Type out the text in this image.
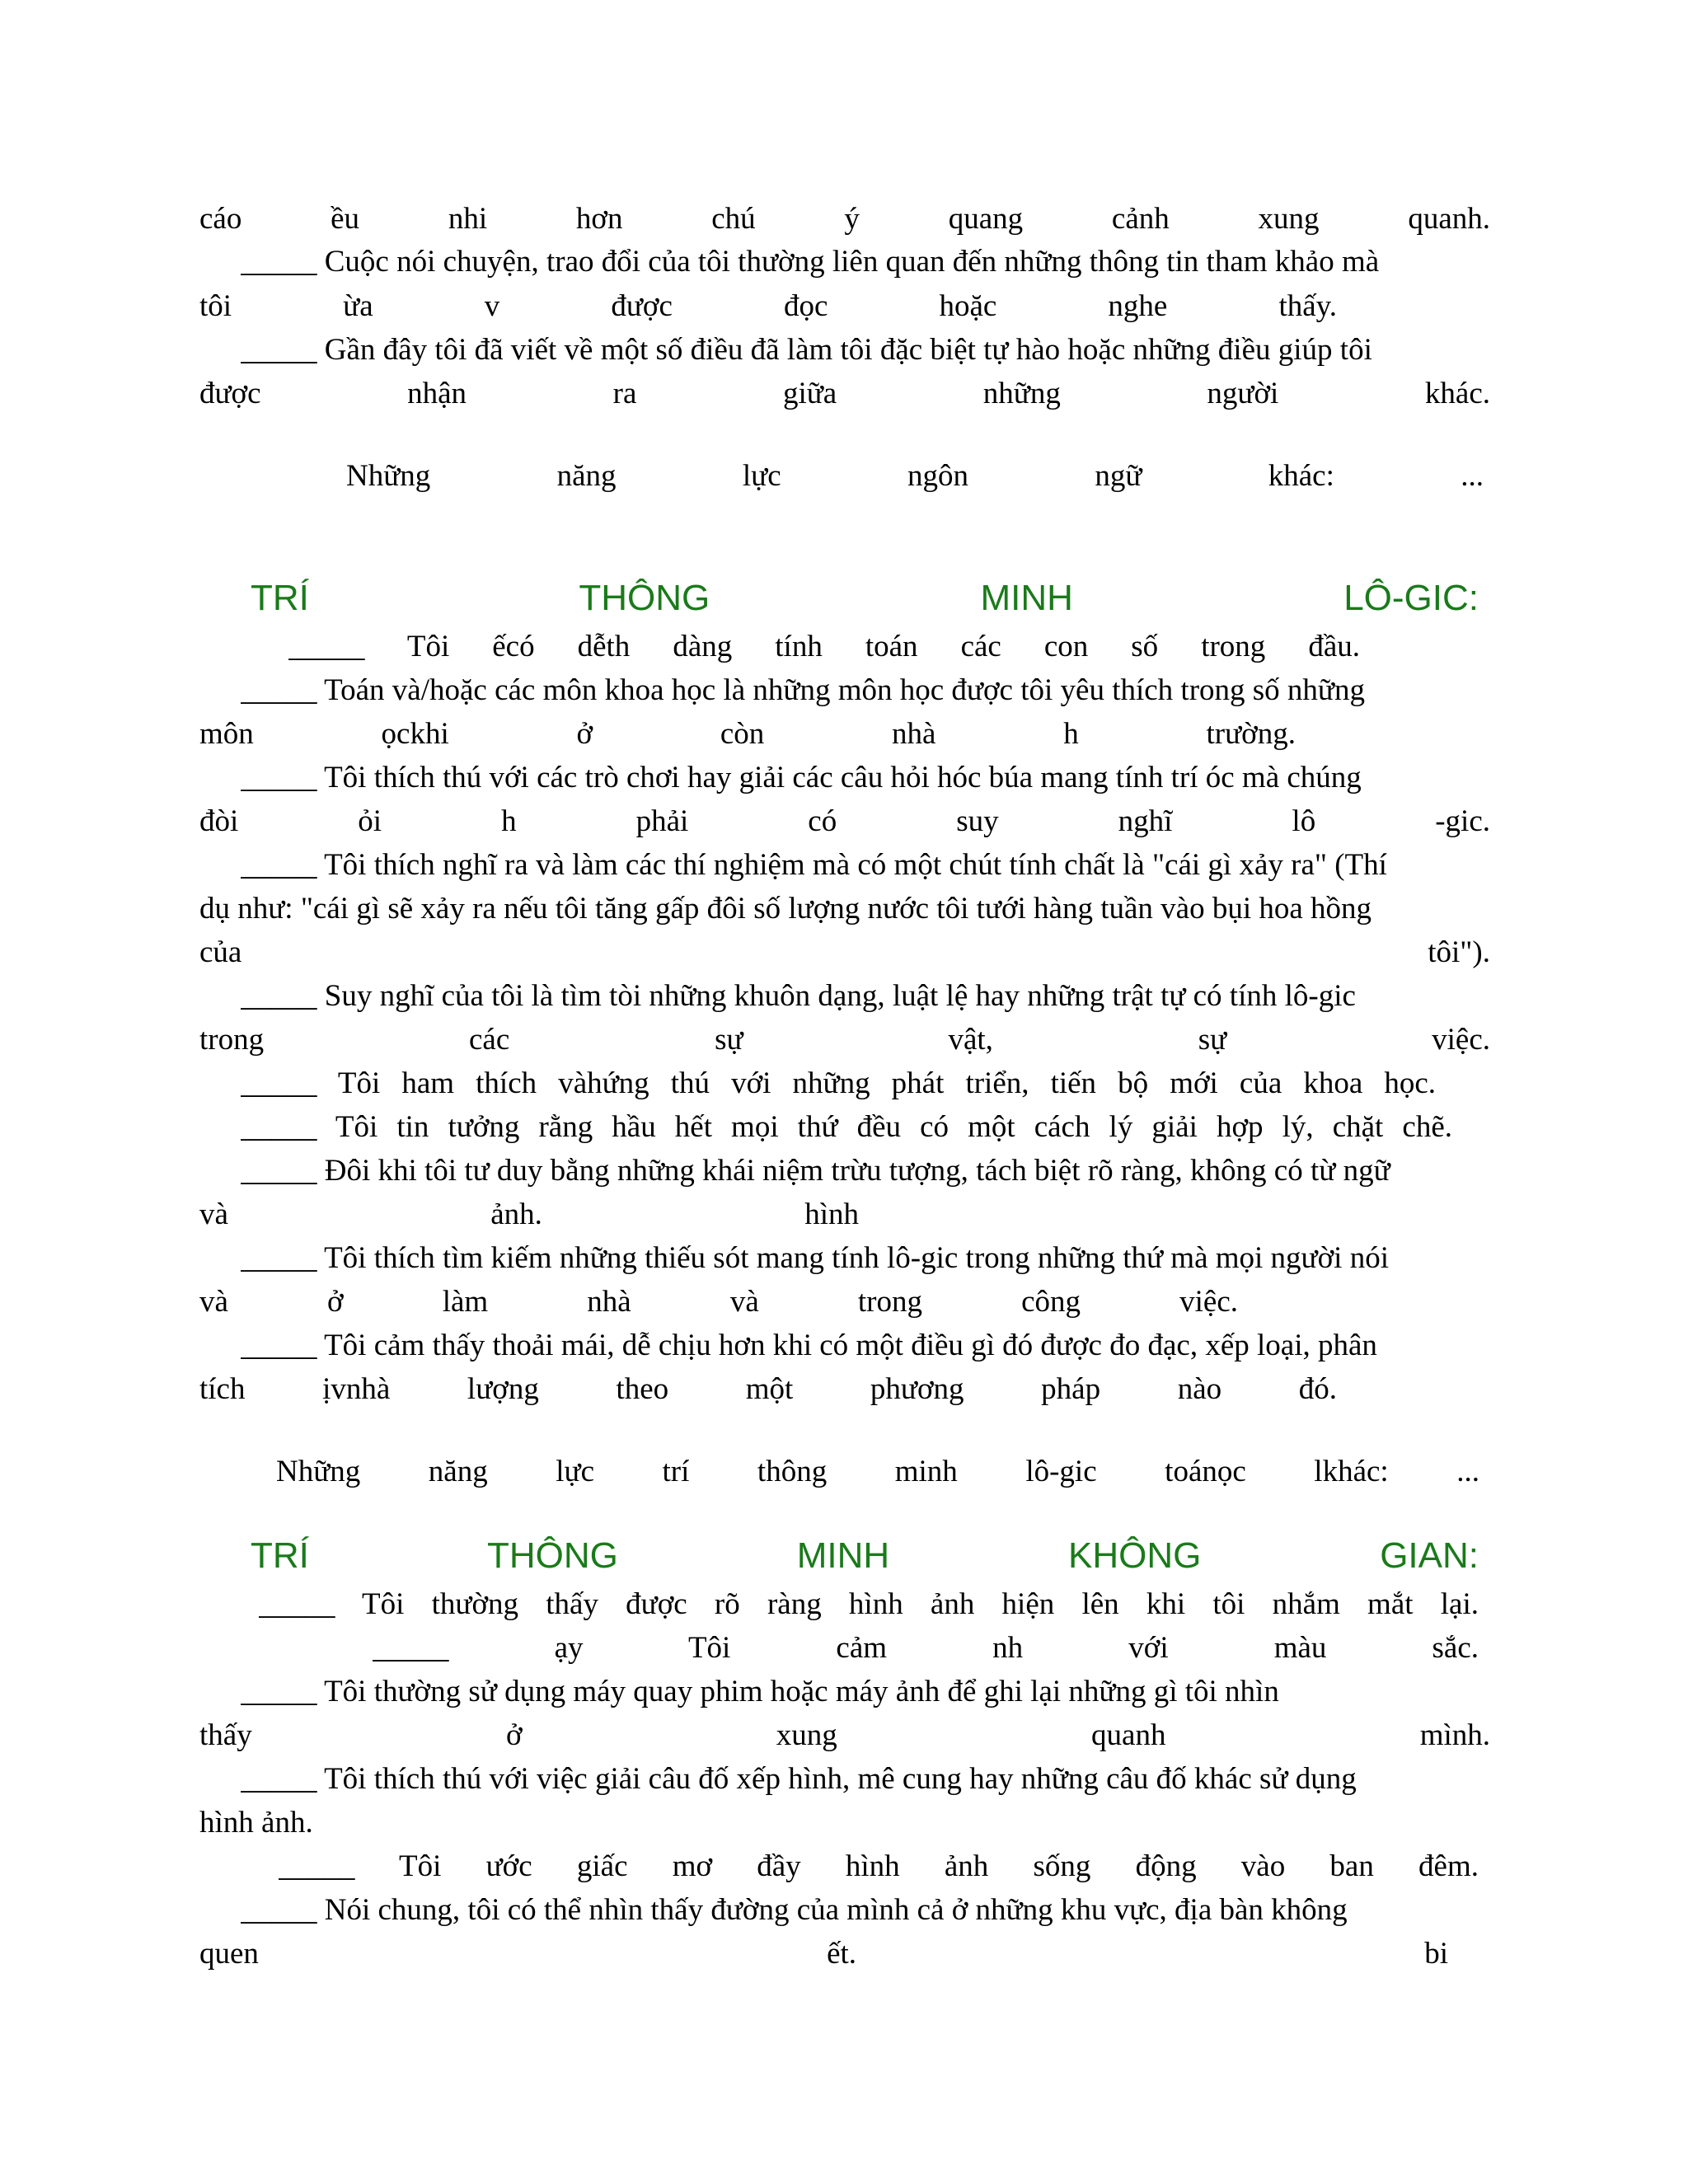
cáo ều nhi hơn chú ý quang cảnh xung quanh.
_____ Cuộc nói chuyện, trao đổi của tôi thường liên quan đến những thông tin tham khảo mà
tôi ừa v được đọc hoặc nghe thấy.
_____ Gần đây tôi đã viết về một số điều đã làm tôi đặc biệt tự hào hoặc những điều giúp tôi
được nhận ra giữa những người khác.
Những năng lực ngôn ngữ khác: ...
TRÍ THÔNG MINH LÔ-GIC:
_____ Tôi ếcó dễth dàng tính toán các con số trong đầu.
_____ Toán và/hoặc các môn khoa học là những môn học được tôi yêu thích trong số những
môn ọckhi ở còn nhà h trường.
_____ Tôi thích thú với các trò chơi hay giải các câu hỏi hóc búa mang tính trí óc mà chúng
đòi ỏi h phải có suy nghĩ lô -gic.
_____ Tôi thích nghĩ ra và làm các thí nghiệm mà có một chút tính chất là "cái gì xảy ra" (Thí
dụ như: "cái gì sẽ xảy ra nếu tôi tăng gấp đôi số lượng nước tôi tưới hàng tuần vào bụi hoa hồng
của tôi").
_____ Suy nghĩ của tôi là tìm tòi những khuôn dạng, luật lệ hay những trật tự có tính lô-gic
trong các sự vật, sự việc.
_____ Tôi ham thích vàhứng thú với những phát triển, tiến bộ mới của khoa học.
_____ Tôi tin tưởng rằng hầu hết mọi thứ đều có một cách lý giải hợp lý, chặt chẽ.
_____ Đôi khi tôi tư duy bằng những khái niệm trừu tượng, tách biệt rõ ràng, không có từ ngữ
và ảnh. hình
_____ Tôi thích tìm kiếm những thiếu sót mang tính lô-gic trong những thứ mà mọi người nói
và ở làm nhà và trong công việc.
_____ Tôi cảm thấy thoải mái, dễ chịu hơn khi có một điều gì đó được đo đạc, xếp loại, phân
tích ịvnhà lượng theo một phương pháp nào đó.
Những năng lực trí thông minh lô-gic toánọc lkhác: ...
TRÍ THÔNG MINH KHÔNG GIAN:
_____ Tôi thường thấy được rõ ràng hình ảnh hiện lên khi tôi nhắm mắt lại.
_____ ạy Tôi cảm nh với màu sắc.
_____ Tôi thường sử dụng máy quay phim hoặc máy ảnh để ghi lại những gì tôi nhìn
thấy ở xung quanh mình.
_____ Tôi thích thú với việc giải câu đố xếp hình, mê cung hay những câu đố khác sử dụng
hình ảnh.
_____ Tôi ước giấc mơ đầy hình ảnh sống động vào ban đêm.
_____ Nói chung, tôi có thể nhìn thấy đường của mình cả ở những khu vực, địa bàn không
quen ết. bi
